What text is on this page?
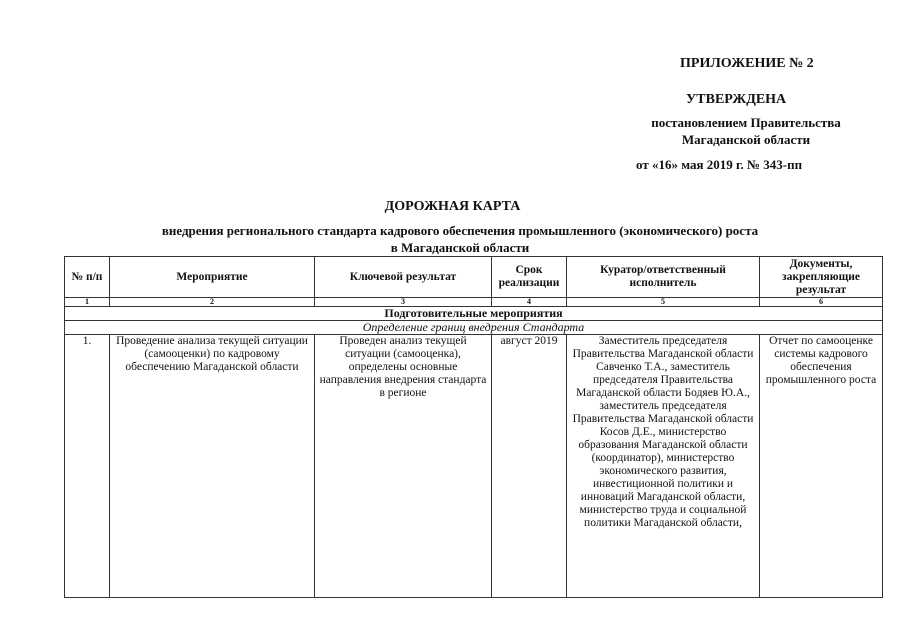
ПРИЛОЖЕНИЕ № 2
УТВЕРЖДЕНА
постановлением Правительства
Магаданской области
от «16» мая 2019 г. № 343-пп
ДОРОЖНАЯ КАРТА
внедрения регионального стандарта кадрового обеспечения промышленного (экономического) роста
в Магаданской области
№ п/п	Мероприятие	Ключевой результат	Срок реализации	Куратор/ответственный исполнитель	Документы, закрепляющие результат
1	2	3	4	5	6
Подготовительные мероприятия					
Определение границ внедрения Стандарта					
1.	Проведение анализа текущей ситуации (самооценки) по кадровому обеспечению Магаданской области	Проведен анализ текущей ситуации (самооценка), определены основные направления внедрения стандарта в регионе	август 2019	Заместитель председателя Правительства Магаданской области Савченко Т.А., заместитель председателя Правительства Магаданской области Бодяев Ю.А., заместитель председателя Правительства Магаданской области Косов Д.Е., министерство образования Магаданской области (координатор), министерство экономического развития, инвестиционной политики и инноваций Магаданской области, министерство труда и социальной политики Магаданской области,	Отчет по самооценке системы кадрового обеспечения промышленного роста
